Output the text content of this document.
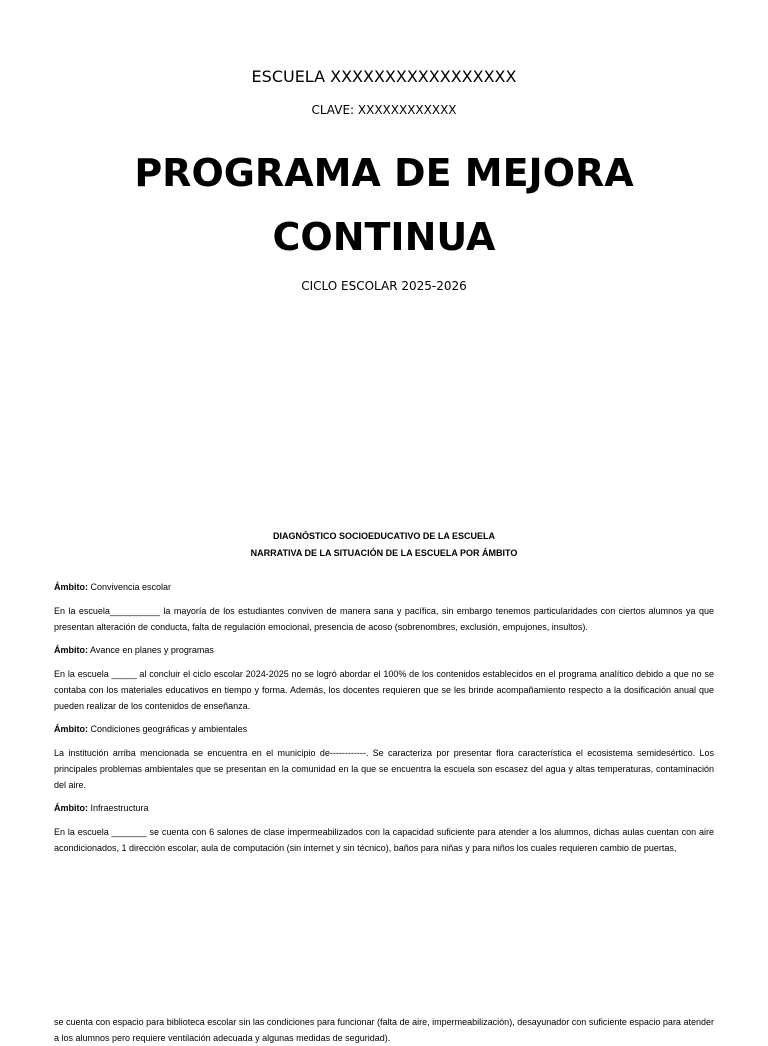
ESCUELA XXXXXXXXXXXXXXXXX
CLAVE: XXXXXXXXXXXX
PROGRAMA DE MEJORA
CONTINUA
CICLO ESCOLAR 2025-2026

DIAGNÓSTICO SOCIOEDUCATIVO DE LA ESCUELA

NARRATIVA DE LA SITUACIÓN DE LA ESCUELA POR ÁMBITO

Ámbito: Convivencia escolar

En la escuela__________ la mayoría de los estudiantes conviven de manera sana y pacífica, sin embargo tenemos particularidades con ciertos alumnos ya que presentan alteración de conducta, falta de regulación emocional, presencia de acoso (sobrenombres, exclusión, empujones, insultos).

Ámbito: Avance en planes y programas

En la escuela _____ al concluir el ciclo escolar 2024-2025 no se logró abordar el 100% de los contenidos establecidos en el programa analítico debido a que no se contaba con los materiales educativos en tiempo y forma. Además, los docentes requieren que se les brinde acompañamiento respecto a la dosificación anual que pueden realizar de los contenidos de enseñanza.

Ámbito: Condiciones geográficas y ambientales

La institución arriba mencionada se encuentra en el municipio de------------. Se caracteriza por presentar flora característica el ecosistema semidesértico. Los principales problemas ambientales que se presentan en la comunidad en la que se encuentra la escuela son escasez del agua y altas temperaturas, contaminación del aire.

Ámbito: Infraestructura

En la escuela _______ se cuenta con 6 salones de clase impermeabilizados con la capacidad suficiente para atender a los alumnos, dichas aulas cuentan con aire acondicionados, 1 dirección escolar, aula de computación (sin internet y sin técnico), baños para niñas y para niños los cuales requieren cambio de puertas,

se cuenta con espacio para biblioteca escolar sin las condiciones para funcionar (falta de aire, impermeabilización), desayunador con suficiente espacio para atender a los alumnos pero requiere ventilación adecuada y algunas medidas de seguridad).
